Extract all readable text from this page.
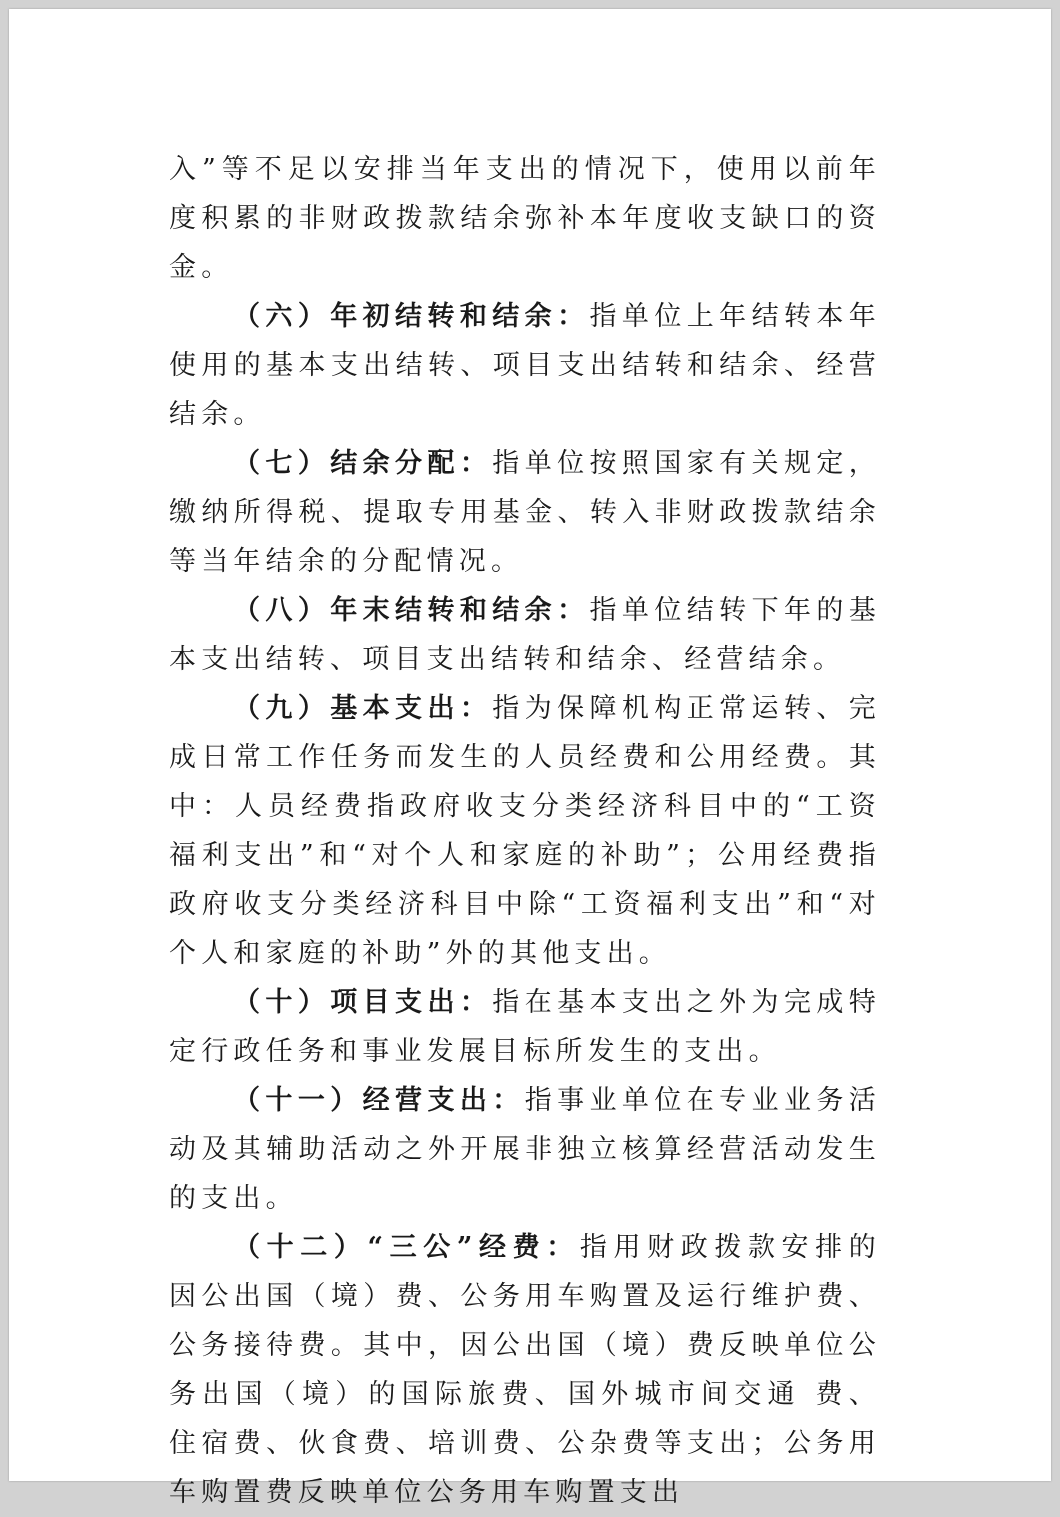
入”等不足以安排当年支出的情况下，使用以前年度积累的非财政拨款结余弥补本年度收支缺口的资金。

（六）年初结转和结余：指单位上年结转本年使用的基本支出结转、项目支出结转和结余、经营结余。

（七）结余分配：指单位按照国家有关规定，缴纳所得税、提取专用基金、转入非财政拨款结余等当年结余的分配情况。

（八）年末结转和结余：指单位结转下年的基本支出结转、项目支出结转和结余、经营结余。

（九）基本支出：指为保障机构正常运转、完成日常工作任务而发生的人员经费和公用经费。其中：人员经费指政府收支分类经济科目中的“工资福利支出”和“对个人和家庭的补助”；公用经费指政府收支分类经济科目中除“工资福利支出”和“对个人和家庭的补助”外的其他支出。

（十）项目支出：指在基本支出之外为完成特定行政任务和事业发展目标所发生的支出。

（十一）经营支出：指事业单位在专业业务活动及其辅助活动之外开展非独立核算经营活动发生的支出。

（十二）“三公”经费：指用财政拨款安排的因公出国（境）费、公务用车购置及运行维护费、公务接待费。其中，因公出国（境）费反映单位公务出国（境）的国际旅费、国外城市间交通 费、住宿费、伙食费、培训费、公杂费等支出；公务用车购置费反映单位公务用车购置支出
